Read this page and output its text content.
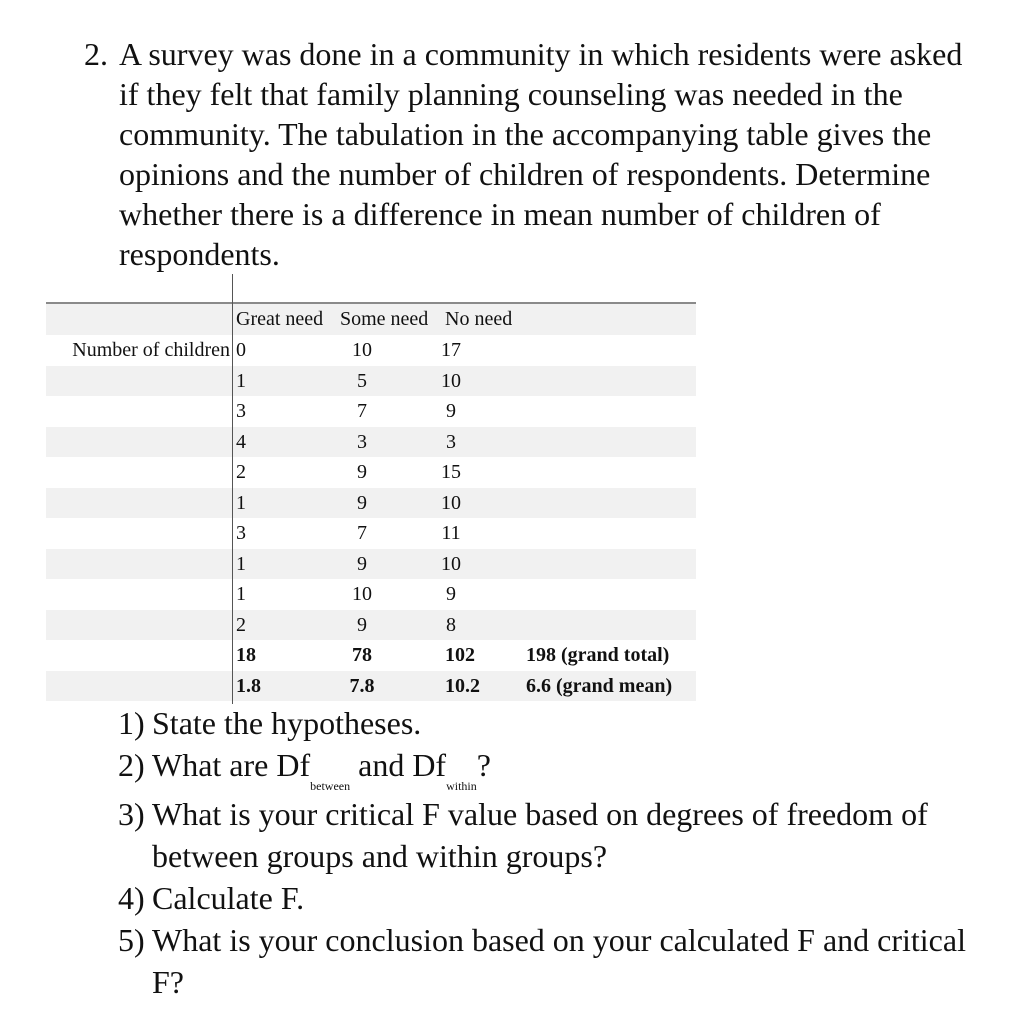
2. A survey was done in a community in which residents were asked if they felt that family planning counseling was needed in the community. The tabulation in the accompanying table gives the opinions and the number of children of respondents. Determine whether there is a difference in mean number of children of respondents.
Great need Some need No need
Number of children 0	10	17
1	5	10
3	7	9
4	3	3
2	9	15
1	9	10
3	7	11
1	9	10
1	10	9
2	9	8
18	78	102	198 (grand total)
1.8	7.8	10.2 6.6 (grand mean)
1) State the hypotheses.
2) What are $Df_{between}$ and $Df_{within}$?
3) What is your critical F value based on degrees of freedom of between groups and within groups?
4) Calculate F.
5) What is your conclusion based on your calculated F and critical F?
